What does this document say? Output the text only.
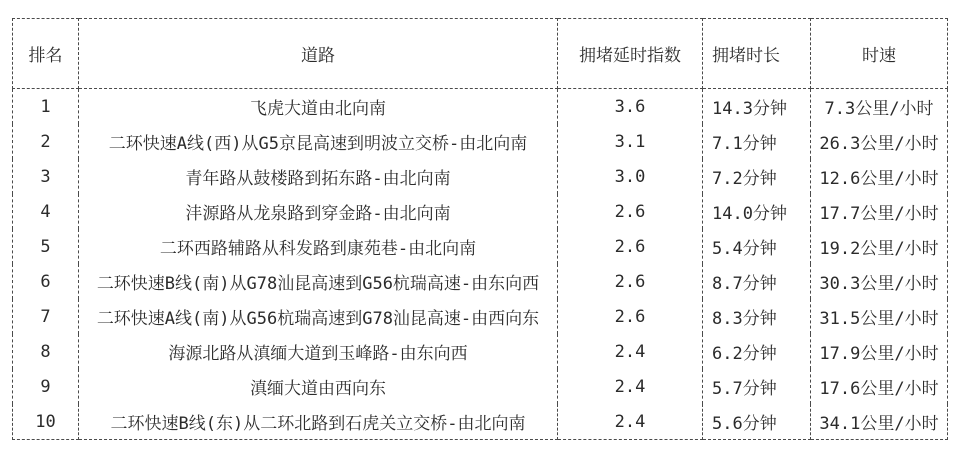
排名	道路	拥堵延时指数	拥堵时长	时速
1	飞虎大道由北向南	3.6	14.3分钟	7.3公里/小时
2	二环快速A线(西)从G5京昆高速到明波立交桥-由北向南	3.1	7.1分钟	26.3公里/小时
3	青年路从鼓楼路到拓东路-由北向南	3.0	7.2分钟	12.6公里/小时
4	沣源路从龙泉路到穿金路-由北向南	2.6	14.0分钟	17.7公里/小时
5	二环西路辅路从科发路到康苑巷-由北向南	2.6	5.4分钟	19.2公里/小时
6	二环快速B线(南)从G78汕昆高速到G56杭瑞高速-由东向西	2.6	8.7分钟	30.3公里/小时
7	二环快速A线(南)从G56杭瑞高速到G78汕昆高速-由西向东	2.6	8.3分钟	31.5公里/小时
8	海源北路从滇缅大道到玉峰路-由东向西	2.4	6.2分钟	17.9公里/小时
9	滇缅大道由西向东	2.4	5.7分钟	17.6公里/小时
10	二环快速B线(东)从二环北路到石虎关立交桥-由北向南	2.4	5.6分钟	34.1公里/小时
